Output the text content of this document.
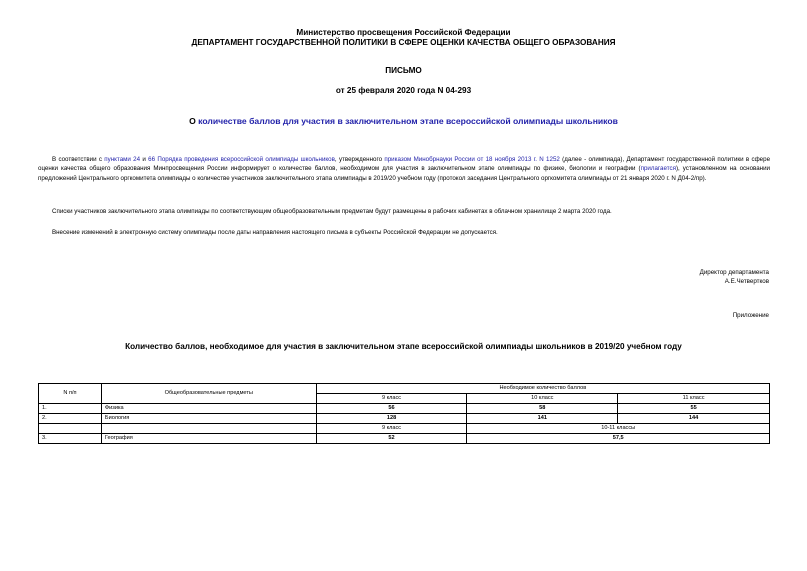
Министерство просвещения Российской Федерации
ДЕПАРТАМЕНТ ГОСУДАРСТВЕННОЙ ПОЛИТИКИ В СФЕРЕ ОЦЕНКИ КАЧЕСТВА ОБЩЕГО ОБРАЗОВАНИЯ
ПИСЬМО
от 25 февраля 2020 года N 04-293
О количестве баллов для участия в заключительном этапе всероссийской олимпиады школьников
В соответствии с пунктами 24 и 66 Порядка проведения всероссийской олимпиады школьников, утвержденного приказом Минобрнауки России от 18 ноября 2013 г. N 1252 (далее - олимпиада), Департамент государственной политики в сфере оценки качества общего образования Минпросвещения России информирует о количестве баллов, необходимом для участия в заключительном этапе олимпиады по физике, биологии и географии (прилагается), установленном на основании предложений Центрального оргкомитета олимпиады о количестве участников заключительного этапа олимпиады в 2019/20 учебном году (протокол заседания Центрального оргкомитета олимпиады от 21 января 2020 г. N Д04-2/пр).
Списки участников заключительного этапа олимпиады по соответствующим общеобразовательным предметам будут размещены в рабочих кабинетах в облачном хранилище 2 марта 2020 года.
Внесение изменений в электронную систему олимпиады после даты направления настоящего письма в субъекты Российской Федерации не допускается.
Директор департамента
А.Е.Четвертков
Приложение
Количество баллов, необходимое для участия в заключительном этапе всероссийской олимпиады школьников в 2019/20 учебном году
N п/п	Общеобразовательные предметы	Необходимое количество баллов		
		9 класс	10 класс	11 класс
1.	Физика	56	58	55
2.	Биология	128	141	144
		9 класс	10-11 классы	
3.	География	52	57,5	
